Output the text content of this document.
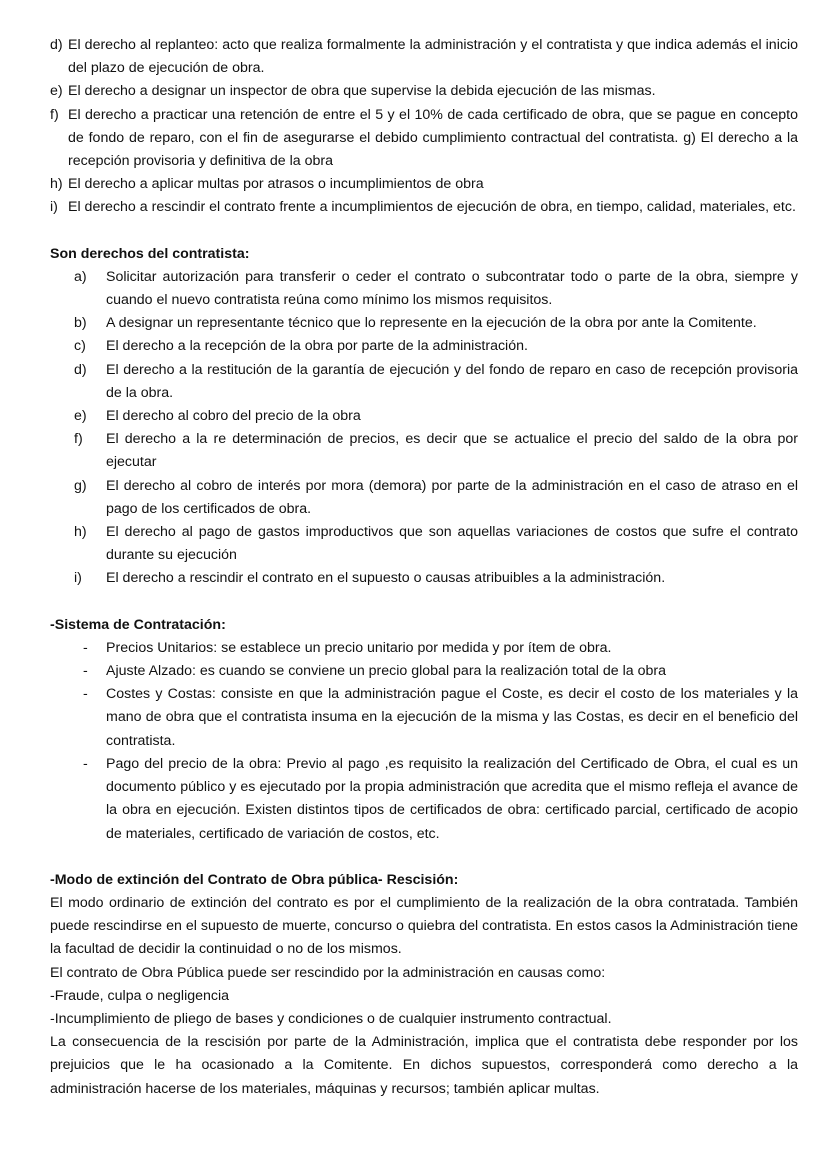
d) El derecho al replanteo: acto que realiza formalmente la administración y el contratista y que indica además el inicio del plazo de ejecución de obra.
e) El derecho a designar un inspector de obra que supervise la debida ejecución de las mismas.
f) El derecho a practicar una retención de entre el 5 y el 10% de cada certificado de obra, que se pague en concepto de fondo de reparo, con el fin de asegurarse el debido cumplimiento contractual del contratista. g) El derecho a la recepción provisoria y definitiva de la obra
h) El derecho a aplicar multas por atrasos o incumplimientos de obra
i) El derecho a rescindir el contrato frente a incumplimientos de ejecución de obra, en tiempo, calidad, materiales, etc.

Son derechos del contratista:

a) Solicitar autorización para transferir o ceder el contrato o subcontratar todo o parte de la obra, siempre y cuando el nuevo contratista reúna como mínimo los mismos requisitos.
b) A designar un representante técnico que lo represente en la ejecución de la obra por ante la Comitente.
c) El derecho a la recepción de la obra por parte de la administración.
d) El derecho a la restitución de la garantía de ejecución y del fondo de reparo en caso de recepción provisoria de la obra.
e) El derecho al cobro del precio de la obra
f) El derecho a la re determinación de precios, es decir que se actualice el precio del saldo de la obra por ejecutar
g) El derecho al cobro de interés por mora (demora) por parte de la administración en el caso de atraso en el pago de los certificados de obra.
h) El derecho al pago de gastos improductivos que son aquellas variaciones de costos que sufre el contrato durante su ejecución
i) El derecho a rescindir el contrato en el supuesto o causas atribuibles a la administración.

-Sistema de Contratación:

- Precios Unitarios: se establece un precio unitario por medida y por ítem de obra.
- Ajuste Alzado: es cuando se conviene un precio global para la realización total de la obra
- Costes y Costas: consiste en que la administración pague el Coste, es decir el costo de los materiales y la mano de obra que el contratista insuma en la ejecución de la misma y las Costas, es decir en el beneficio del contratista.
- Pago del precio de la obra: Previo al pago ,es requisito la realización del Certificado de Obra, el cual es un documento público y es ejecutado por la propia administración que acredita que el mismo refleja el avance de la obra en ejecución. Existen distintos tipos de certificados de obra: certificado parcial, certificado de acopio de materiales, certificado de variación de costos, etc.

-Modo de extinción del Contrato de Obra pública- Rescisión:

El modo ordinario de extinción del contrato es por el cumplimiento de la realización de la obra contratada. También puede rescindirse en el supuesto de muerte, concurso o quiebra del contratista. En estos casos la Administración tiene la facultad de decidir la continuidad o no de los mismos.

El contrato de Obra Pública puede ser rescindido por la administración en causas como:

-Fraude, culpa o negligencia

-Incumplimiento de pliego de bases y condiciones o de cualquier instrumento contractual.

La consecuencia de la rescisión por parte de la Administración, implica que el contratista debe responder por los prejuicios que le ha ocasionado a la Comitente. En dichos supuestos, corresponderá como derecho a la administración hacerse de los materiales, máquinas y recursos; también aplicar multas.
